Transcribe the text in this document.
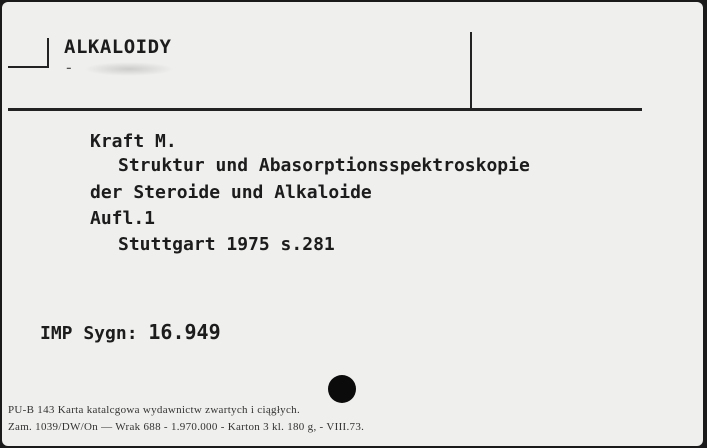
ALKALOIDY
-
Kraft M.
Struktur und Abasorptionsspektroskopie
der Steroide und Alkaloide
Aufl.1
Stuttgart 1975 s.281
IMP Sygn: 16.949
PU-B 143 Karta katalcgowa wydawnictw zwartych i ciągłych.
Zam. 1039/DW/On — Wrak 688 - 1.970.000 - Karton 3 kl. 180 g, - VIII.73.
